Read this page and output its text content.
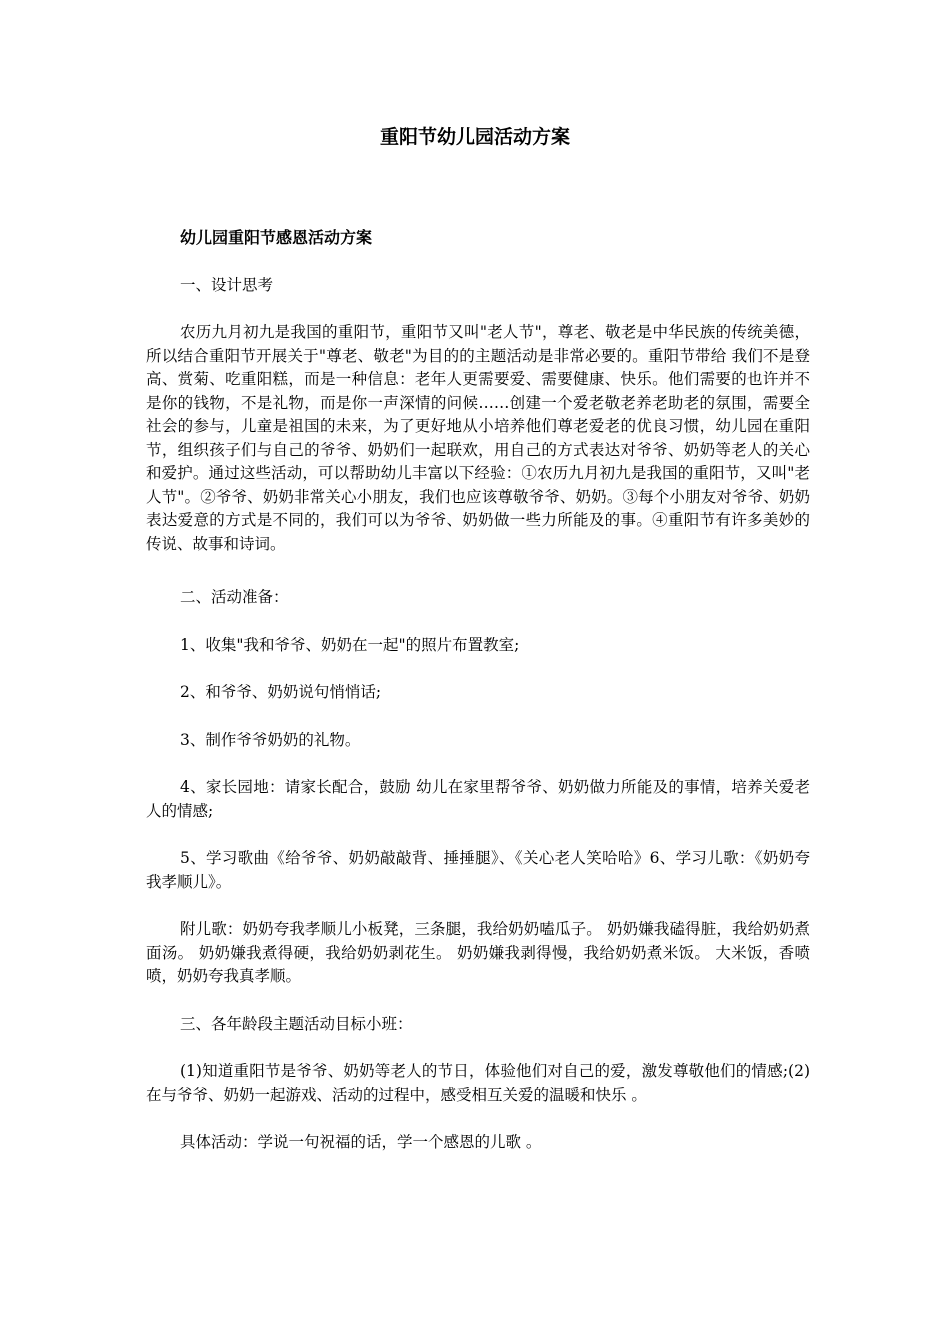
重阳节幼儿园活动方案

幼儿园重阳节感恩活动方案

一、设计思考

农历九月初九是我国的重阳节，重阳节又叫"老人节"，尊老、敬老是中华民族的传统美德，所以结合重阳节开展关于"尊老、敬老"为目的的主题活动是非常必要的。重阳节带给 我们不是登高、赏菊、吃重阳糕，而是一种信息：老年人更需要爱、需要健康、快乐。他们需要的也许并不是你的钱物，不是礼物，而是你一声深情的问候……创建一个爱老敬老养老助老的氛围，需要全社会的参与，儿童是祖国的未来，为了更好地从小培养他们尊老爱老的优良习惯，幼儿园在重阳节，组织孩子们与自己的爷爷、奶奶们一起联欢，用自己的方式表达对爷爷、奶奶等老人的关心和爱护。通过这些活动，可以帮助幼儿丰富以下经验：①农历九月初九是我国的重阳节，又叫"老人节"。②爷爷、奶奶非常关心小朋友，我们也应该尊敬爷爷、奶奶。③每个小朋友对爷爷、奶奶表达爱意的方式是不同的，我们可以为爷爷、奶奶做一些力所能及的事。④重阳节有许多美妙的传说、故事和诗词。

二、活动准备：

1、收集"我和爷爷、奶奶在一起"的照片布置教室;

2、和爷爷、奶奶说句悄悄话;

3、制作爷爷奶奶的礼物。

4、家长园地：请家长配合，鼓励 幼儿在家里帮爷爷、奶奶做力所能及的事情，培养关爱老人的情感;

5、学习歌曲《给爷爷、奶奶敲敲背、捶捶腿》、《关心老人笑哈哈》6、学习儿歌：《奶奶夸我孝顺儿》。

附儿歌：奶奶夸我孝顺儿小板凳，三条腿，我给奶奶嗑瓜子。 奶奶嫌我磕得脏，我给奶奶煮面汤。 奶奶嫌我煮得硬，我给奶奶剥花生。 奶奶嫌我剥得慢，我给奶奶煮米饭。 大米饭，香喷喷，奶奶夸我真孝顺。

三、各年龄段主题活动目标小班：

(1)知道重阳节是爷爷、奶奶等老人的节日，体验他们对自己的爱，激发尊敬他们的情感;(2)在与爷爷、奶奶一起游戏、活动的过程中，感受相互关爱的温暖和快乐 。

具体活动：学说一句祝福的话，学一个感恩的儿歌 。
